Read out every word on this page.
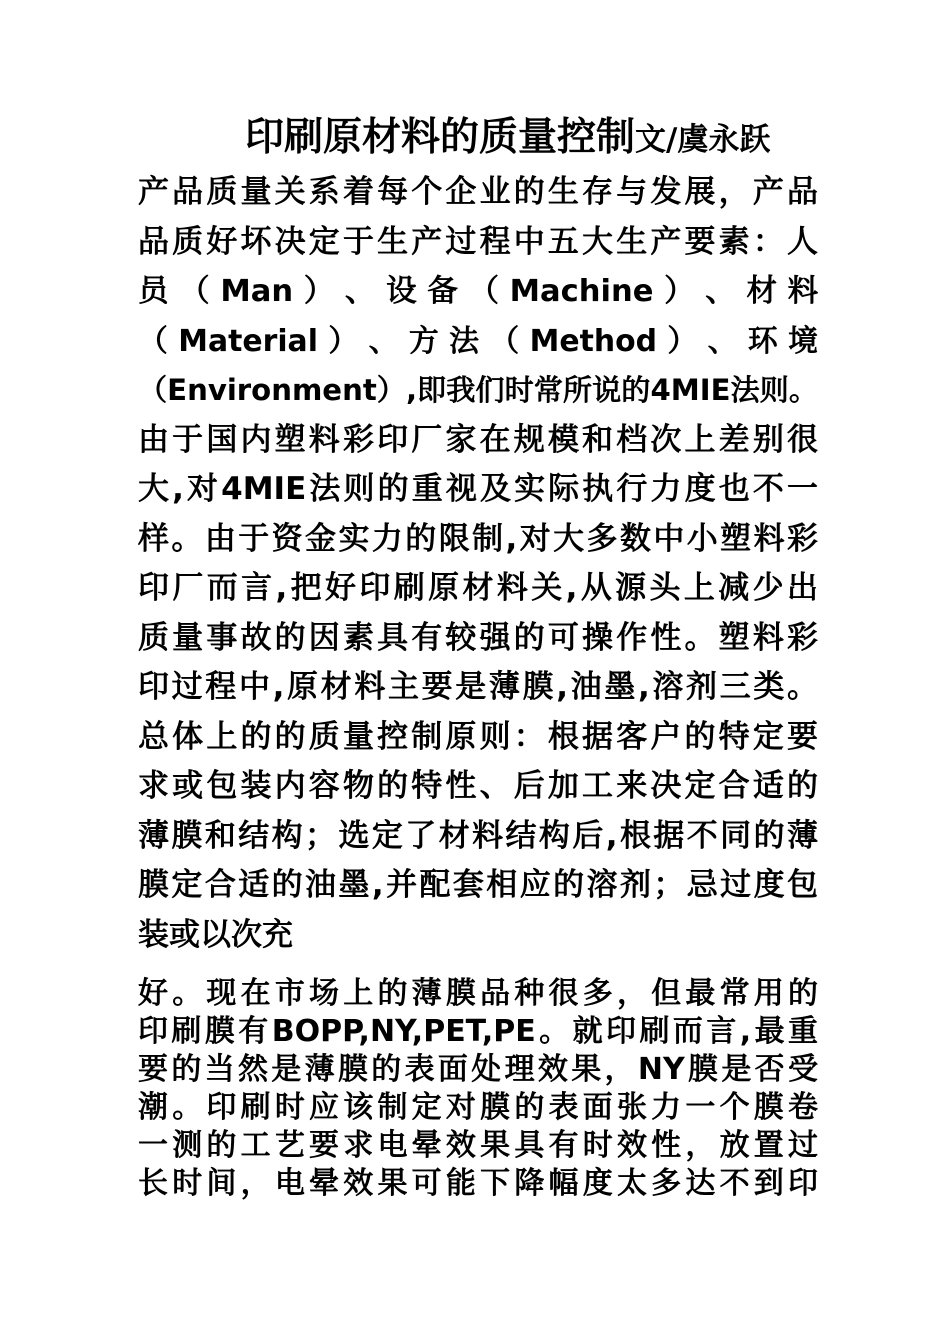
印刷原材料的质量控制文/虞永跃
产品质量关系着每个企业的生存与发展，产品
品质好坏决定于生产过程中五大生产要素：人
员 （ Man ） 、 设 备 （ Machine ） 、 材 料
（ Material ） 、 方 法 （ Method ） 、 环 境
（Environment）,即我们时常所说的4MIE法则。
由于国内塑料彩印厂家在规模和档次上差别很
大,对4MIE法则的重视及实际执行力度也不一
样。由于资金实力的限制,对大多数中小塑料彩
印厂而言,把好印刷原材料关,从源头上减少出
质量事故的因素具有较强的可操作性。塑料彩
印过程中,原材料主要是薄膜,油墨,溶剂三类。
总体上的的质量控制原则：根据客户的特定要
求或包装内容物的特性、后加工来决定合适的
薄膜和结构；选定了材料结构后,根据不同的薄
膜定合适的油墨,并配套相应的溶剂；忌过度包
装或以次充
好。现在市场上的薄膜品种很多，但最常用的
印刷膜有BOPP,NY,PET,PE。就印刷而言,最重
要的当然是薄膜的表面处理效果，NY膜是否受
潮。印刷时应该制定对膜的表面张力一个膜卷
一测的工艺要求电晕效果具有时效性，放置过
长时间，电晕效果可能下降幅度太多达不到印
